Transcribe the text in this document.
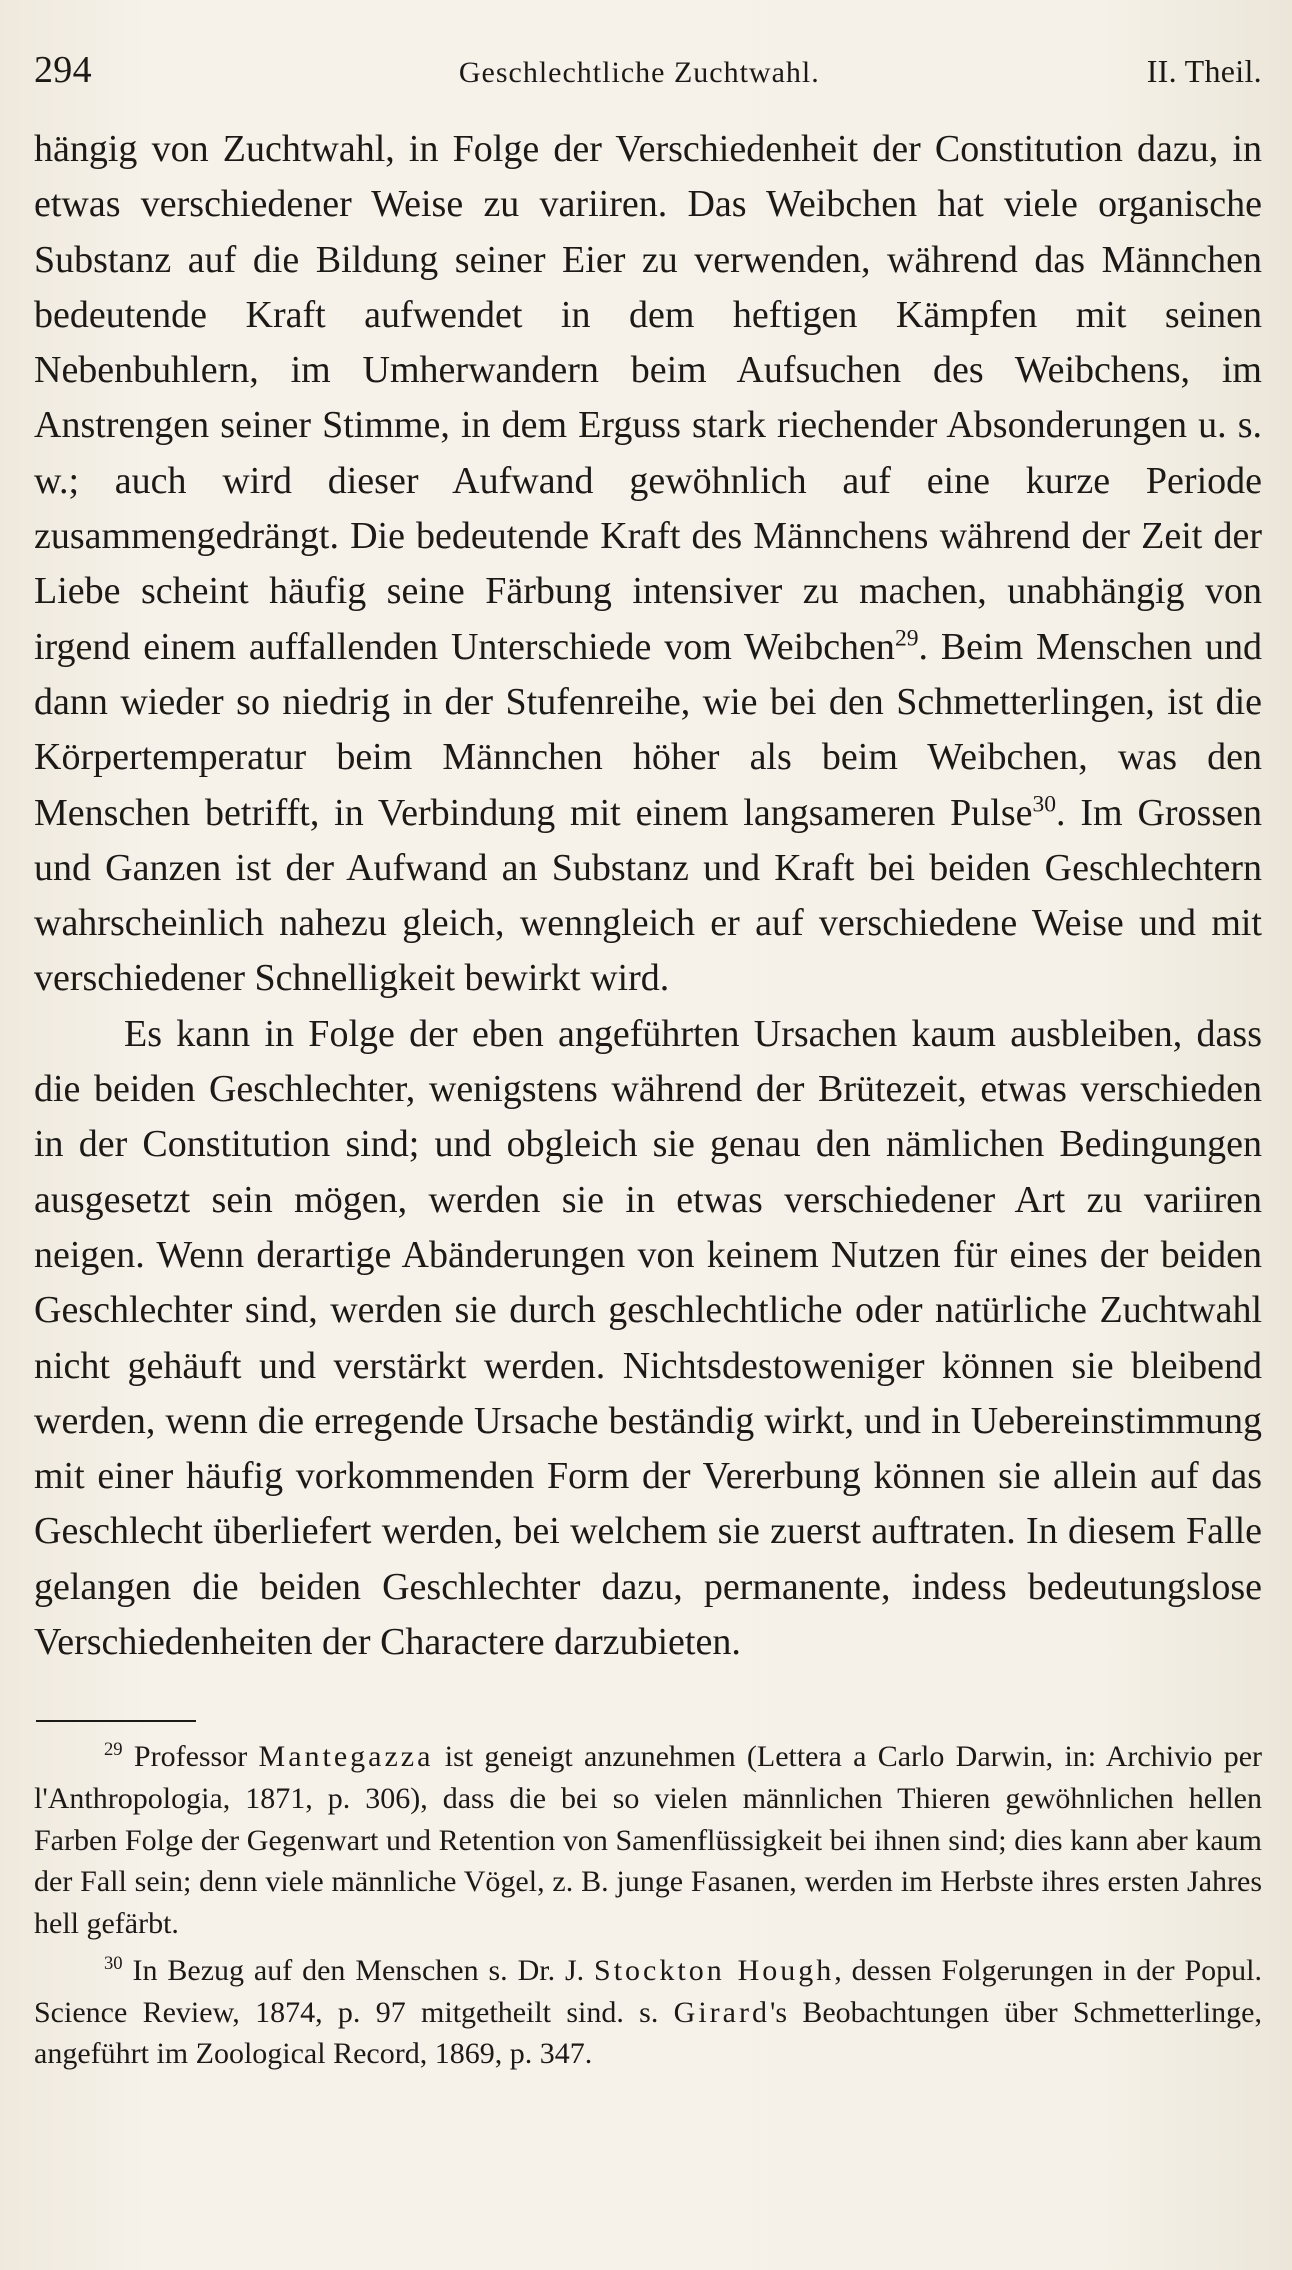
294	Geschlechtliche Zuchtwahl.	II. Theil.

hängig von Zuchtwahl, in Folge der Verschiedenheit der Constitution dazu, in etwas verschiedener Weise zu variiren. Das Weibchen hat viele organische Substanz auf die Bildung seiner Eier zu verwenden, während das Männchen bedeutende Kraft aufwendet in dem heftigen Kämpfen mit seinen Nebenbuhlern, im Umherwandern beim Aufsuchen des Weibchens, im Anstrengen seiner Stimme, in dem Erguss stark riechender Absonderungen u. s. w.; auch wird dieser Aufwand gewöhnlich auf eine kurze Periode zusammengedrängt. Die bedeutende Kraft des Männchens während der Zeit der Liebe scheint häufig seine Färbung intensiver zu machen, unabhängig von irgend einem auffallenden Unterschiede vom Weibchen$^{29}$. Beim Menschen und dann wieder so niedrig in der Stufenreihe, wie bei den Schmetterlingen, ist die Körpertemperatur beim Männchen höher als beim Weibchen, was den Menschen betrifft, in Verbindung mit einem langsameren Pulse$^{30}$. Im Grossen und Ganzen ist der Aufwand an Substanz und Kraft bei beiden Geschlechtern wahrscheinlich nahezu gleich, wenngleich er auf verschiedene Weise und mit verschiedener Schnelligkeit bewirkt wird.

Es kann in Folge der eben angeführten Ursachen kaum ausbleiben, dass die beiden Geschlechter, wenigstens während der Brütezeit, etwas verschieden in der Constitution sind; und obgleich sie genau den nämlichen Bedingungen ausgesetzt sein mögen, werden sie in etwas verschiedener Art zu variiren neigen. Wenn derartige Abänderungen von keinem Nutzen für eines der beiden Geschlechter sind, werden sie durch geschlechtliche oder natürliche Zuchtwahl nicht gehäuft und verstärkt werden. Nichtsdestoweniger können sie bleibend werden, wenn die erregende Ursache beständig wirkt, und in Uebereinstimmung mit einer häufig vorkommenden Form der Vererbung können sie allein auf das Geschlecht überliefert werden, bei welchem sie zuerst auftraten. In diesem Falle gelangen die beiden Geschlechter dazu, permanente, indess bedeutungslose Verschiedenheiten der Charactere darzubieten.

$^{29}$ Professor Mantegazza ist geneigt anzunehmen (Lettera a Carlo Darwin, in: Archivio per l'Anthropologia, 1871, p. 306), dass die bei so vielen männlichen Thieren gewöhnlichen hellen Farben Folge der Gegenwart und Retention von Samenflüssigkeit bei ihnen sind; dies kann aber kaum der Fall sein; denn viele männliche Vögel, z. B. junge Fasanen, werden im Herbste ihres ersten Jahres hell gefärbt.

$^{30}$ In Bezug auf den Menschen s. Dr. J. Stockton Hough, dessen Folgerungen in der Popul. Science Review, 1874, p. 97 mitgetheilt sind. s. Girard's Beobachtungen über Schmetterlinge, angeführt im Zoological Record, 1869, p. 347.
